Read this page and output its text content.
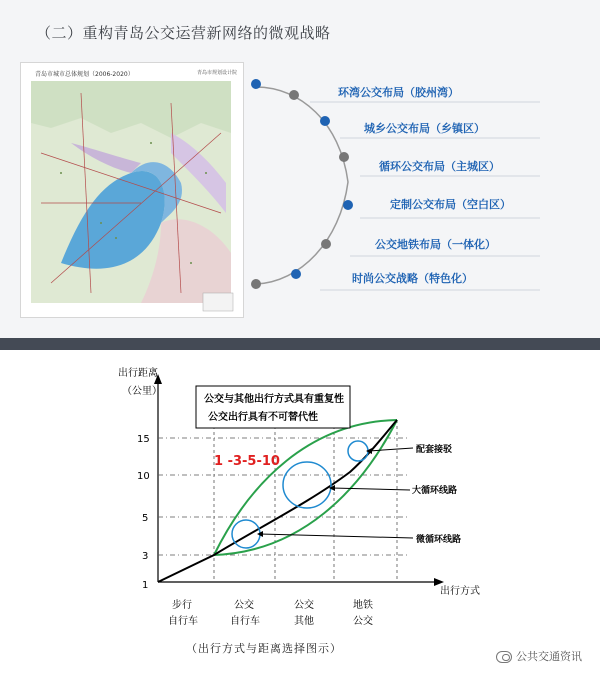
（二）重构青岛公交运营新网络的微观战略
青岛市城市总体规划（2006-2020）	青岛市规划设计院
环湾公交布局（胶州湾）
城乡公交布局（乡镇区）
循环公交布局（主城区）
定制公交布局（空白区）
公交地铁布局（一体化）
时尚公交战略（特色化）
出行距离
（公里）
出行方式
15
10
5
3
1
步行
自行车
公交
自行车
公交
其他
地铁
公交
配套接驳
大循环线路
微循环线路
公交与其他出行方式具有重复性
公交出行具有不可替代性
1 -3-5-10
（出行方式与距离选择图示）
公共交通资讯
